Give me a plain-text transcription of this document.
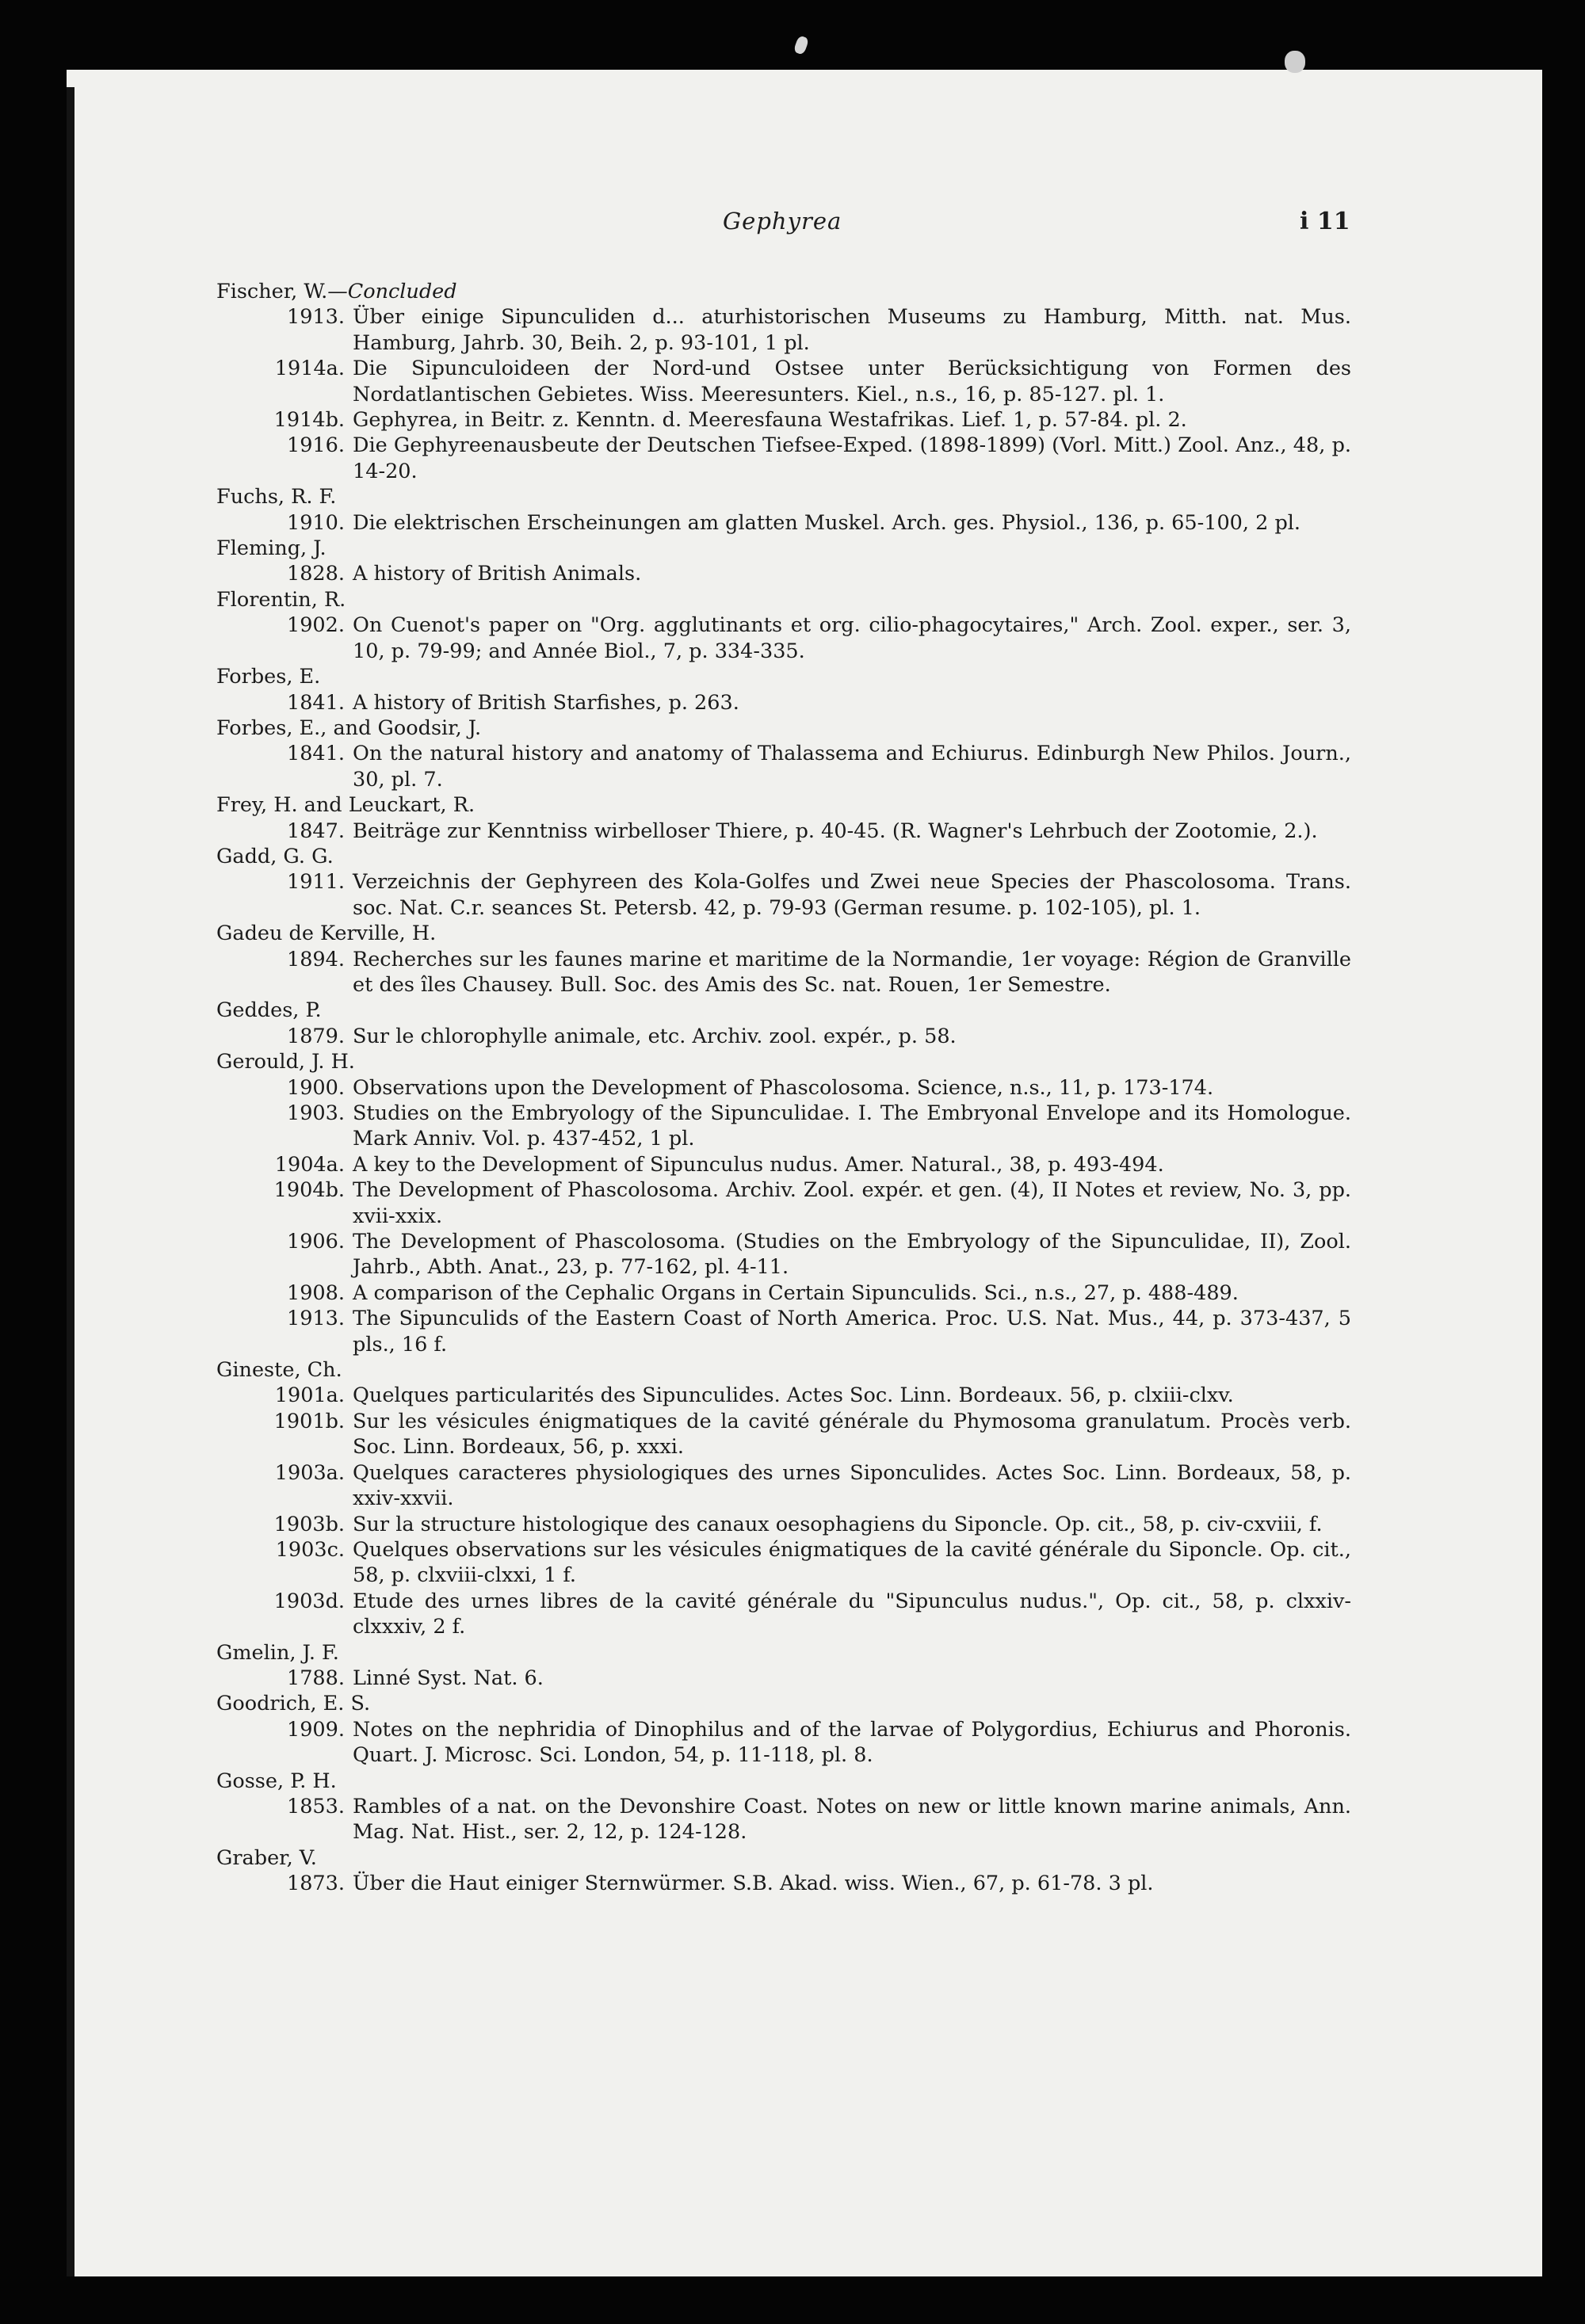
Gephyrea	i 11
Fischer, W.—Concluded
1913. Über einige Sipunculiden d... aturhistorischen Museums zu Hamburg, Mitth. nat. Mus. Hamburg, Jahrb. 30, Beih. 2, p. 93-101, 1 pl.
1914a. Die Sipunculoideen der Nord-und Ostsee unter Berücksichtigung von Formen des Nordatlantischen Gebietes. Wiss. Meeresunters. Kiel., n.s., 16, p. 85-127. pl. 1.
1914b. Gephyrea, in Beitr. z. Kenntn. d. Meeresfauna Westafrikas. Lief. 1, p. 57-84. pl. 2.
1916. Die Gephyreenausbeute der Deutschen Tiefsee-Exped. (1898-1899) (Vorl. Mitt.) Zool. Anz., 48, p. 14-20.
Fuchs, R. F.
1910. Die elektrischen Erscheinungen am glatten Muskel. Arch. ges. Physiol., 136, p. 65-100, 2 pl.
Fleming, J.
1828. A history of British Animals.
Florentin, R.
1902. On Cuenot's paper on "Org. agglutinants et org. cilio-phagocytaires," Arch. Zool. exper., ser. 3, 10, p. 79-99; and Année Biol., 7, p. 334-335.
Forbes, E.
1841. A history of British Starfishes, p. 263.
Forbes, E., and Goodsir, J.
1841. On the natural history and anatomy of Thalassema and Echiurus. Edinburgh New Philos. Journ., 30, pl. 7.
Frey, H. and Leuckart, R.
1847. Beiträge zur Kenntniss wirbelloser Thiere, p. 40-45. (R. Wagner's Lehrbuch der Zootomie, 2.).
Gadd, G. G.
1911. Verzeichnis der Gephyreen des Kola-Golfes und Zwei neue Species der Phascolosoma. Trans. soc. Nat. C.r. seances St. Petersb. 42, p. 79-93 (German resume. p. 102-105), pl. 1.
Gadeu de Kerville, H.
1894. Recherches sur les faunes marine et maritime de la Normandie, 1er voyage: Région de Granville et des îles Chausey. Bull. Soc. des Amis des Sc. nat. Rouen, 1er Semestre.
Geddes, P.
1879. Sur le chlorophylle animale, etc. Archiv. zool. expér., p. 58.
Gerould, J. H.
1900. Observations upon the Development of Phascolosoma. Science, n.s., 11, p. 173-174.
1903. Studies on the Embryology of the Sipunculidae. I. The Embryonal Envelope and its Homologue. Mark Anniv. Vol. p. 437-452, 1 pl.
1904a. A key to the Development of Sipunculus nudus. Amer. Natural., 38, p. 493-494.
1904b. The Development of Phascolosoma. Archiv. Zool. expér. et gen. (4), II Notes et review, No. 3, pp. xvii-xxix.
1906. The Development of Phascolosoma. (Studies on the Embryology of the Sipunculidae, II), Zool. Jahrb., Abth. Anat., 23, p. 77-162, pl. 4-11.
1908. A comparison of the Cephalic Organs in Certain Sipunculids. Sci., n.s., 27, p. 488-489.
1913. The Sipunculids of the Eastern Coast of North America. Proc. U.S. Nat. Mus., 44, p. 373-437, 5 pls., 16 f.
Gineste, Ch.
1901a. Quelques particularités des Sipunculides. Actes Soc. Linn. Bordeaux. 56, p. clxiii-clxv.
1901b. Sur les vésicules énigmatiques de la cavité générale du Phymosoma granulatum. Procès verb. Soc. Linn. Bordeaux, 56, p. xxxi.
1903a. Quelques caracteres physiologiques des urnes Siponculides. Actes Soc. Linn. Bordeaux, 58, p. xxiv-xxvii.
1903b. Sur la structure histologique des canaux oesophagiens du Siponcle. Op. cit., 58, p. civ-cxviii, f.
1903c. Quelques observations sur les vésicules énigmatiques de la cavité générale du Siponcle. Op. cit., 58, p. clxviii-clxxi, 1 f.
1903d. Etude des urnes libres de la cavité générale du "Sipunculus nudus.", Op. cit., 58, p. clxxiv-clxxxiv, 2 f.
Gmelin, J. F.
1788. Linné Syst. Nat. 6.
Goodrich, E. S.
1909. Notes on the nephridia of Dinophilus and of the larvae of Polygordius, Echiurus and Phoronis. Quart. J. Microsc. Sci. London, 54, p. 11-118, pl. 8.
Gosse, P. H.
1853. Rambles of a nat. on the Devonshire Coast. Notes on new or little known marine animals, Ann. Mag. Nat. Hist., ser. 2, 12, p. 124-128.
Graber, V.
1873. Über die Haut einiger Sternwürmer. S.B. Akad. wiss. Wien., 67, p. 61-78. 3 pl.
